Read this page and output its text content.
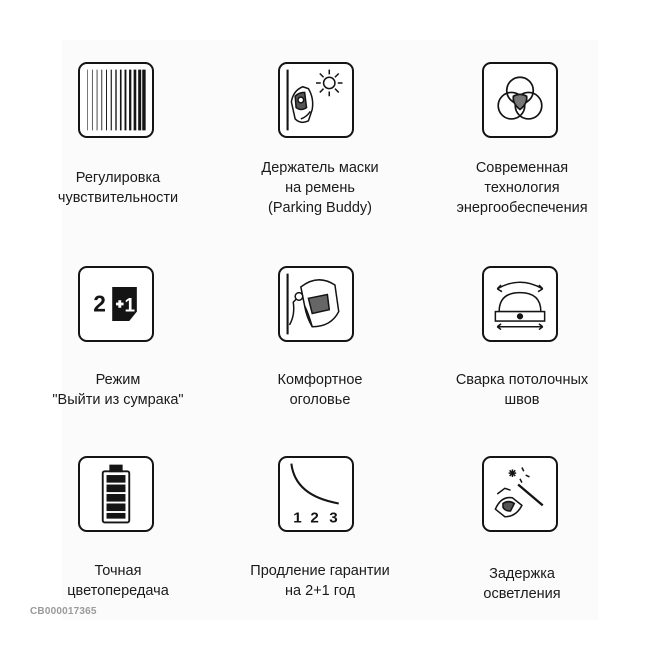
Регулировка
чувствительности
Держатель маски
на ремень
(Parking Buddy)
Современная
технология
энергообеспечения
2 1
Режим
"Выйти из сумрака"
Комфортное
оголовье
Сварка потолочных
швов
Точная
цветопередача
1 2 3
Продление гарантии
на 2+1 год
Задержка
осветления
CB000017365
